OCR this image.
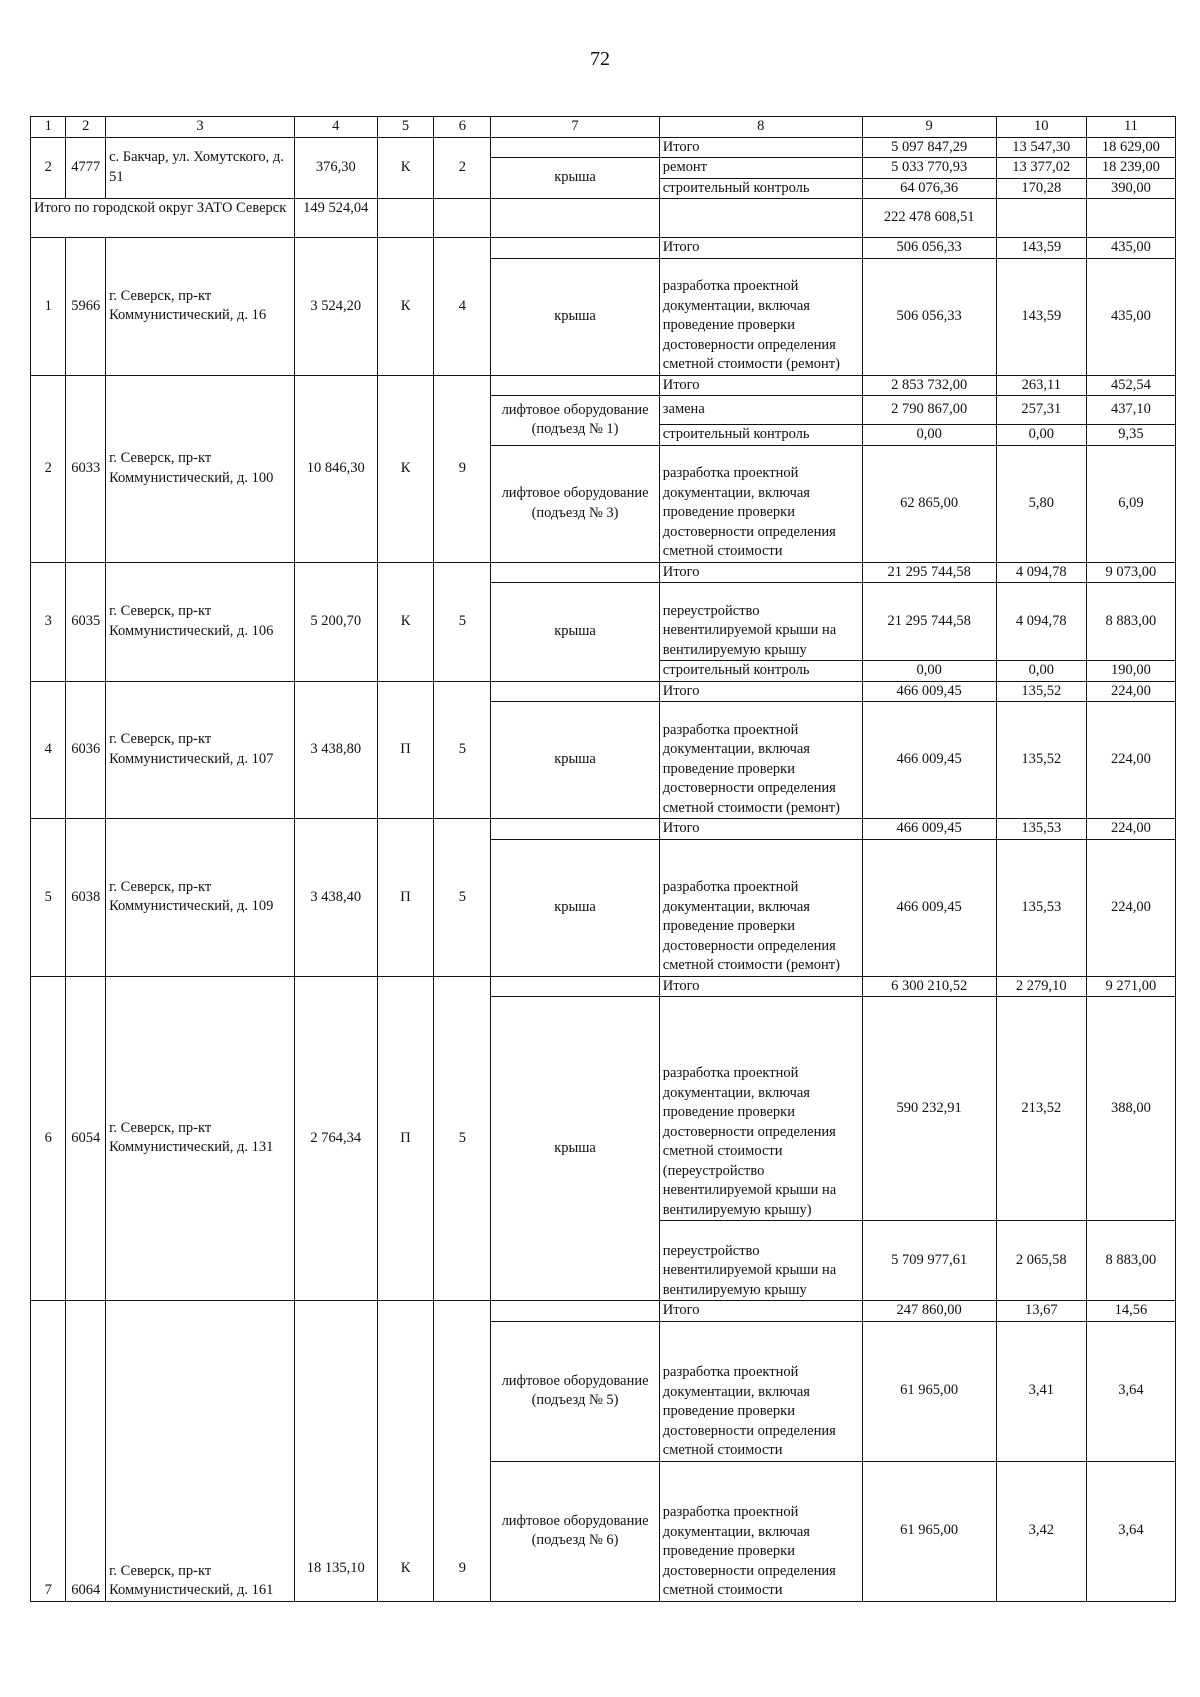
72
1	2	3	4	5	6	7	8	9	10	11
2	4777	с. Бакчар, ул. Хомутского, д. 51	376,30	К	2		Итого	5 097 847,29	13 547,30	18 629,00
						крыша	ремонт	5 033 770,93	13 377,02	18 239,00
							строительный контроль	64 076,36	170,28	390,00
Итого по городской округ ЗАТО Северск			149 524,04					222 478 608,51		
1	5966	г. Северск, пр-кт Коммунистический, д. 16	3 524,20	К	4		Итого	506 056,33	143,59	435,00
						крыша	разработка проектной документации, включая проведение проверки достоверности определения сметной стоимости (ремонт)	506 056,33	143,59	435,00
2	6033	г. Северск, пр-кт Коммунистический, д. 100	10 846,30	К	9		Итого	2 853 732,00	263,11	452,54
						лифтовое оборудование (подъезд № 1)	замена	2 790 867,00	257,31	437,10
							строительный контроль	0,00	0,00	9,35
						лифтовое оборудование (подъезд № 3)	разработка проектной документации, включая проведение проверки достоверности определения сметной стоимости	62 865,00	5,80	6,09
3	6035	г. Северск, пр-кт Коммунистический, д. 106	5 200,70	К	5		Итого	21 295 744,58	4 094,78	9 073,00
						крыша	переустройство невентилируемой крыши на вентилируемую крышу	21 295 744,58	4 094,78	8 883,00
							строительный контроль	0,00	0,00	190,00
4	6036	г. Северск, пр-кт Коммунистический, д. 107	3 438,80	П	5		Итого	466 009,45	135,52	224,00
						крыша	разработка проектной документации, включая проведение проверки достоверности определения сметной стоимости (ремонт)	466 009,45	135,52	224,00
5	6038	г. Северск, пр-кт Коммунистический, д. 109	3 438,40	П	5		Итого	466 009,45	135,53	224,00
						крыша	разработка проектной документации, включая проведение проверки достоверности определения сметной стоимости (ремонт)	466 009,45	135,53	224,00
6	6054	г. Северск, пр-кт Коммунистический, д. 131	2 764,34	П	5		Итого	6 300 210,52	2 279,10	9 271,00
						крыша	разработка проектной документации, включая проведение проверки достоверности определения сметной стоимости (переустройство невентилируемой крыши на вентилируемую крышу)	590 232,91	213,52	388,00
							переустройство невентилируемой крыши на вентилируемую крышу	5 709 977,61	2 065,58	8 883,00
7	6064	г. Северск, пр-кт Коммунистический, д. 161	18 135,10	К	9		Итого	247 860,00	13,67	14,56
						лифтовое оборудование (подъезд № 5)	разработка проектной документации, включая проведение проверки достоверности определения сметной стоимости	61 965,00	3,41	3,64
						лифтовое оборудование (подъезд № 6)	разработка проектной документации, включая проведение проверки достоверности определения сметной стоимости	61 965,00	3,42	3,64
